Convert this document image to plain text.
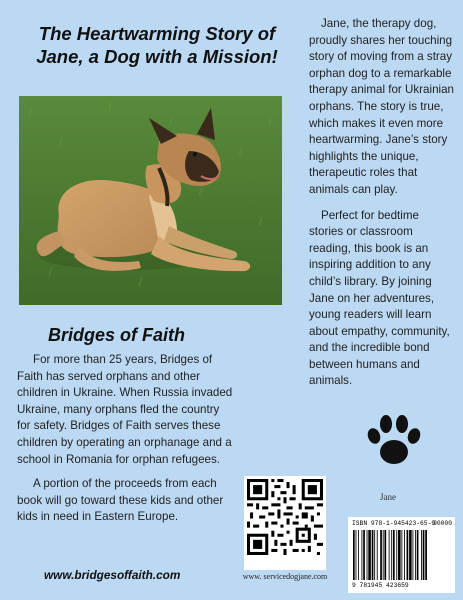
The Heartwarming Story of Jane, a Dog with a Mission!

Jane, the therapy dog, proudly shares her touching story of moving from a stray orphan dog to a remarkable therapy animal for Ukrainian orphans. The story is true, which makes it even more heartwarming. Jane’s story highlights the unique, therapeutic roles that animals can play.

Perfect for bedtime stories or classroom reading, this book is an inspiring addition to any child’s library. By joining Jane on her adventures, young readers will learn about empathy, community, and the incredible bond between humans and animals.

Bridges of Faith

For more than 25 years, Bridges of Faith has served orphans and other children in Ukraine. When Russia invaded Ukraine, many orphans fled the country for safety. Bridges of Faith serves these children by operating an orphanage and a school in Romania for orphan refugees.

A portion of the proceeds from each book will go toward these kids and other kids in need in Eastern Europe.

www.bridgesoffaith.com	www. servicedogjane.com
Jane
ISBN 978-1-945423-65-9
90000
9 781945 423659
